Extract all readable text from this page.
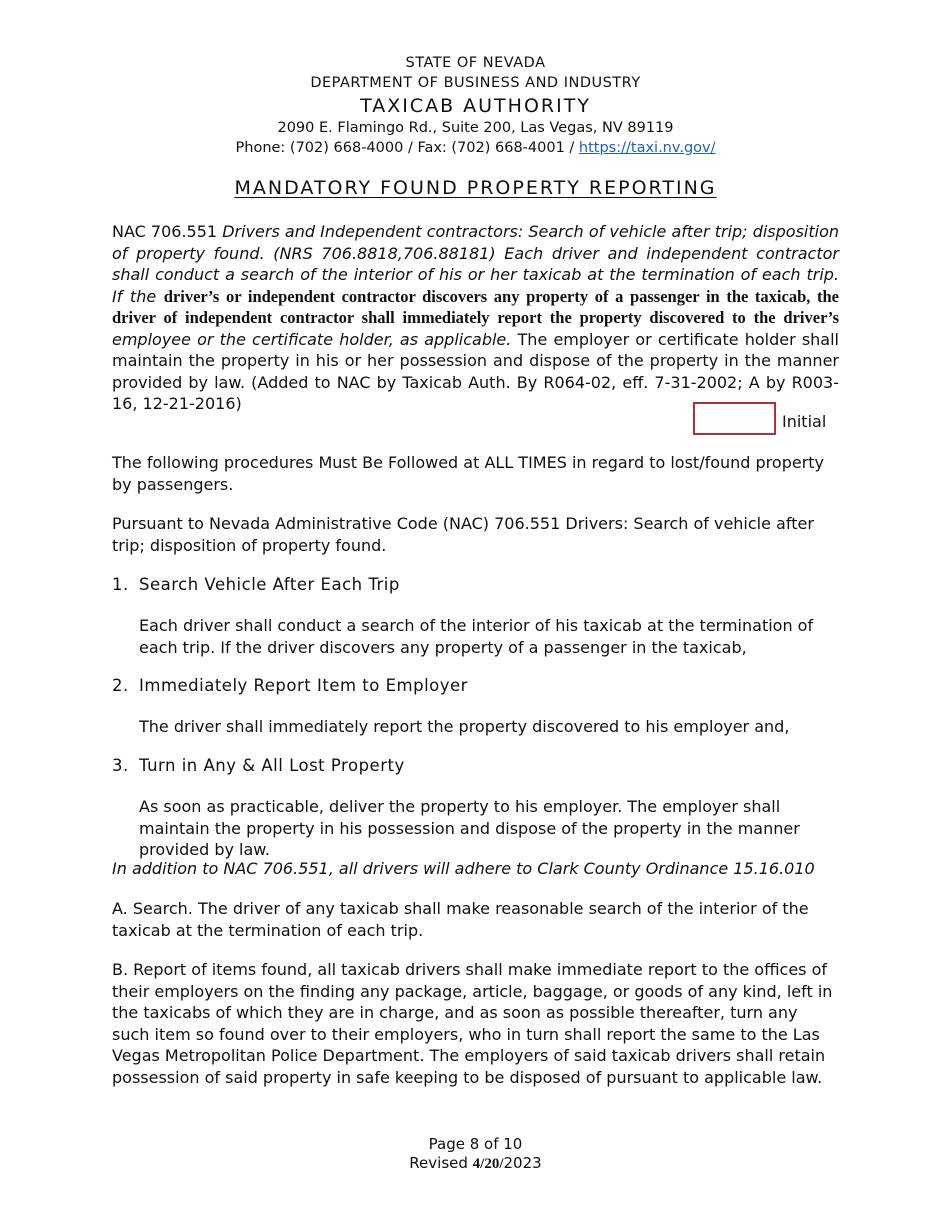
STATE OF NEVADA
DEPARTMENT OF BUSINESS AND INDUSTRY
TAXICAB AUTHORITY
2090 E. Flamingo Rd., Suite 200, Las Vegas, NV 89119
Phone: (702) 668-4000 / Fax: (702) 668-4001 / https://taxi.nv.gov/
MANDATORY FOUND PROPERTY REPORTING
NAC 706.551 Drivers and Independent contractors: Search of vehicle after trip; disposition of property found. (NRS 706.8818,706.88181) Each driver and independent contractor shall conduct a search of the interior of his or her taxicab at the termination of each trip. If the driver’s or independent contractor discovers any property of a passenger in the taxicab, the driver of independent contractor shall immediately report the property discovered to the driver’s employee or the certificate holder, as applicable. The employer or certificate holder shall maintain the property in his or her possession and dispose of the property in the manner provided by law. (Added to NAC by Taxicab Auth. By R064-02, eff. 7-31-2002; A by R003-16, 12-21-2016)
Initial
The following procedures Must Be Followed at ALL TIMES in regard to lost/found property by passengers.
Pursuant to Nevada Administrative Code (NAC) 706.551 Drivers: Search of vehicle after trip; disposition of property found.
1. Search Vehicle After Each Trip
Each driver shall conduct a search of the interior of his taxicab at the termination of each trip. If the driver discovers any property of a passenger in the taxicab,
2. Immediately Report Item to Employer
The driver shall immediately report the property discovered to his employer and,
3. Turn in Any & All Lost Property
As soon as practicable, deliver the property to his employer. The employer shall maintain the property in his possession and dispose of the property in the manner provided by law.
In addition to NAC 706.551, all drivers will adhere to Clark County Ordinance 15.16.010
A. Search. The driver of any taxicab shall make reasonable search of the interior of the taxicab at the termination of each trip.
B. Report of items found, all taxicab drivers shall make immediate report to the offices of their employers on the finding any package, article, baggage, or goods of any kind, left in the taxicabs of which they are in charge, and as soon as possible thereafter, turn any such item so found over to their employers, who in turn shall report the same to the Las Vegas Metropolitan Police Department. The employers of said taxicab drivers shall retain possession of said property in safe keeping to be disposed of pursuant to applicable law.
Page 8 of 10
Revised 4/20/2023
